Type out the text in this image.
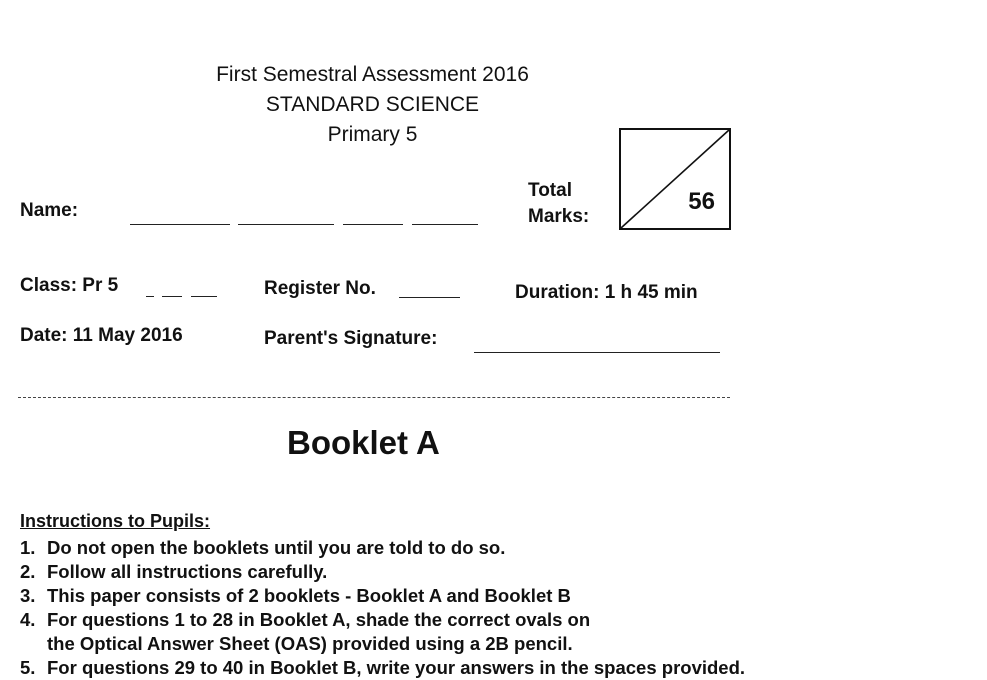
First Semestral Assessment 2016
STANDARD SCIENCE
Primary 5
Name:
Total
Marks:
56
Class: Pr 5	Register No.	Duration: 1 h 45 min
Date: 11 May 2016	Parent's Signature:
Booklet A
Instructions to Pupils:
1. Do not open the booklets until you are told to do so.
2. Follow all instructions carefully.
3. This paper consists of 2 booklets - Booklet A and Booklet B
4. For questions 1 to 28 in Booklet A, shade the correct ovals on
the Optical Answer Sheet (OAS) provided using a 2B pencil.
5. For questions 29 to 40 in Booklet B, write your answers in the spaces provided.
